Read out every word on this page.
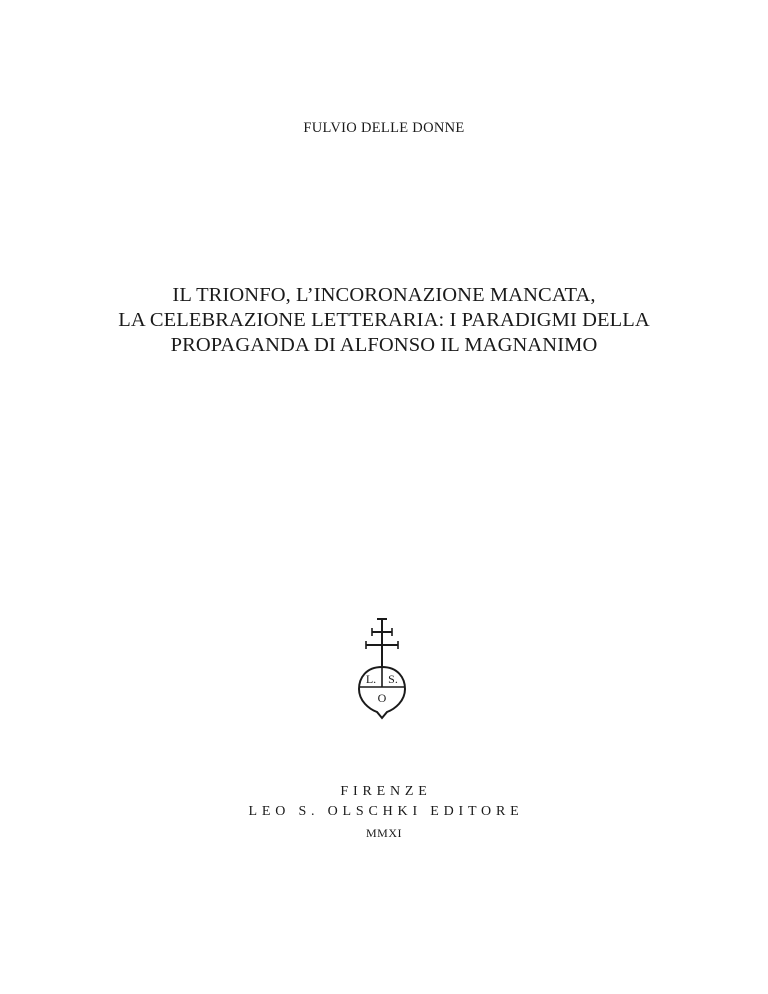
FULVIO DELLE DONNE
IL TRIONFO, L’INCORONAZIONE MANCATA,
LA CELEBRAZIONE LETTERARIA: I PARADIGMI DELLA
PROPAGANDA DI ALFONSO IL MAGNANIMO
L. S.
O
FIRENZE
LEO S. OLSCHKI EDITORE
MMXI
